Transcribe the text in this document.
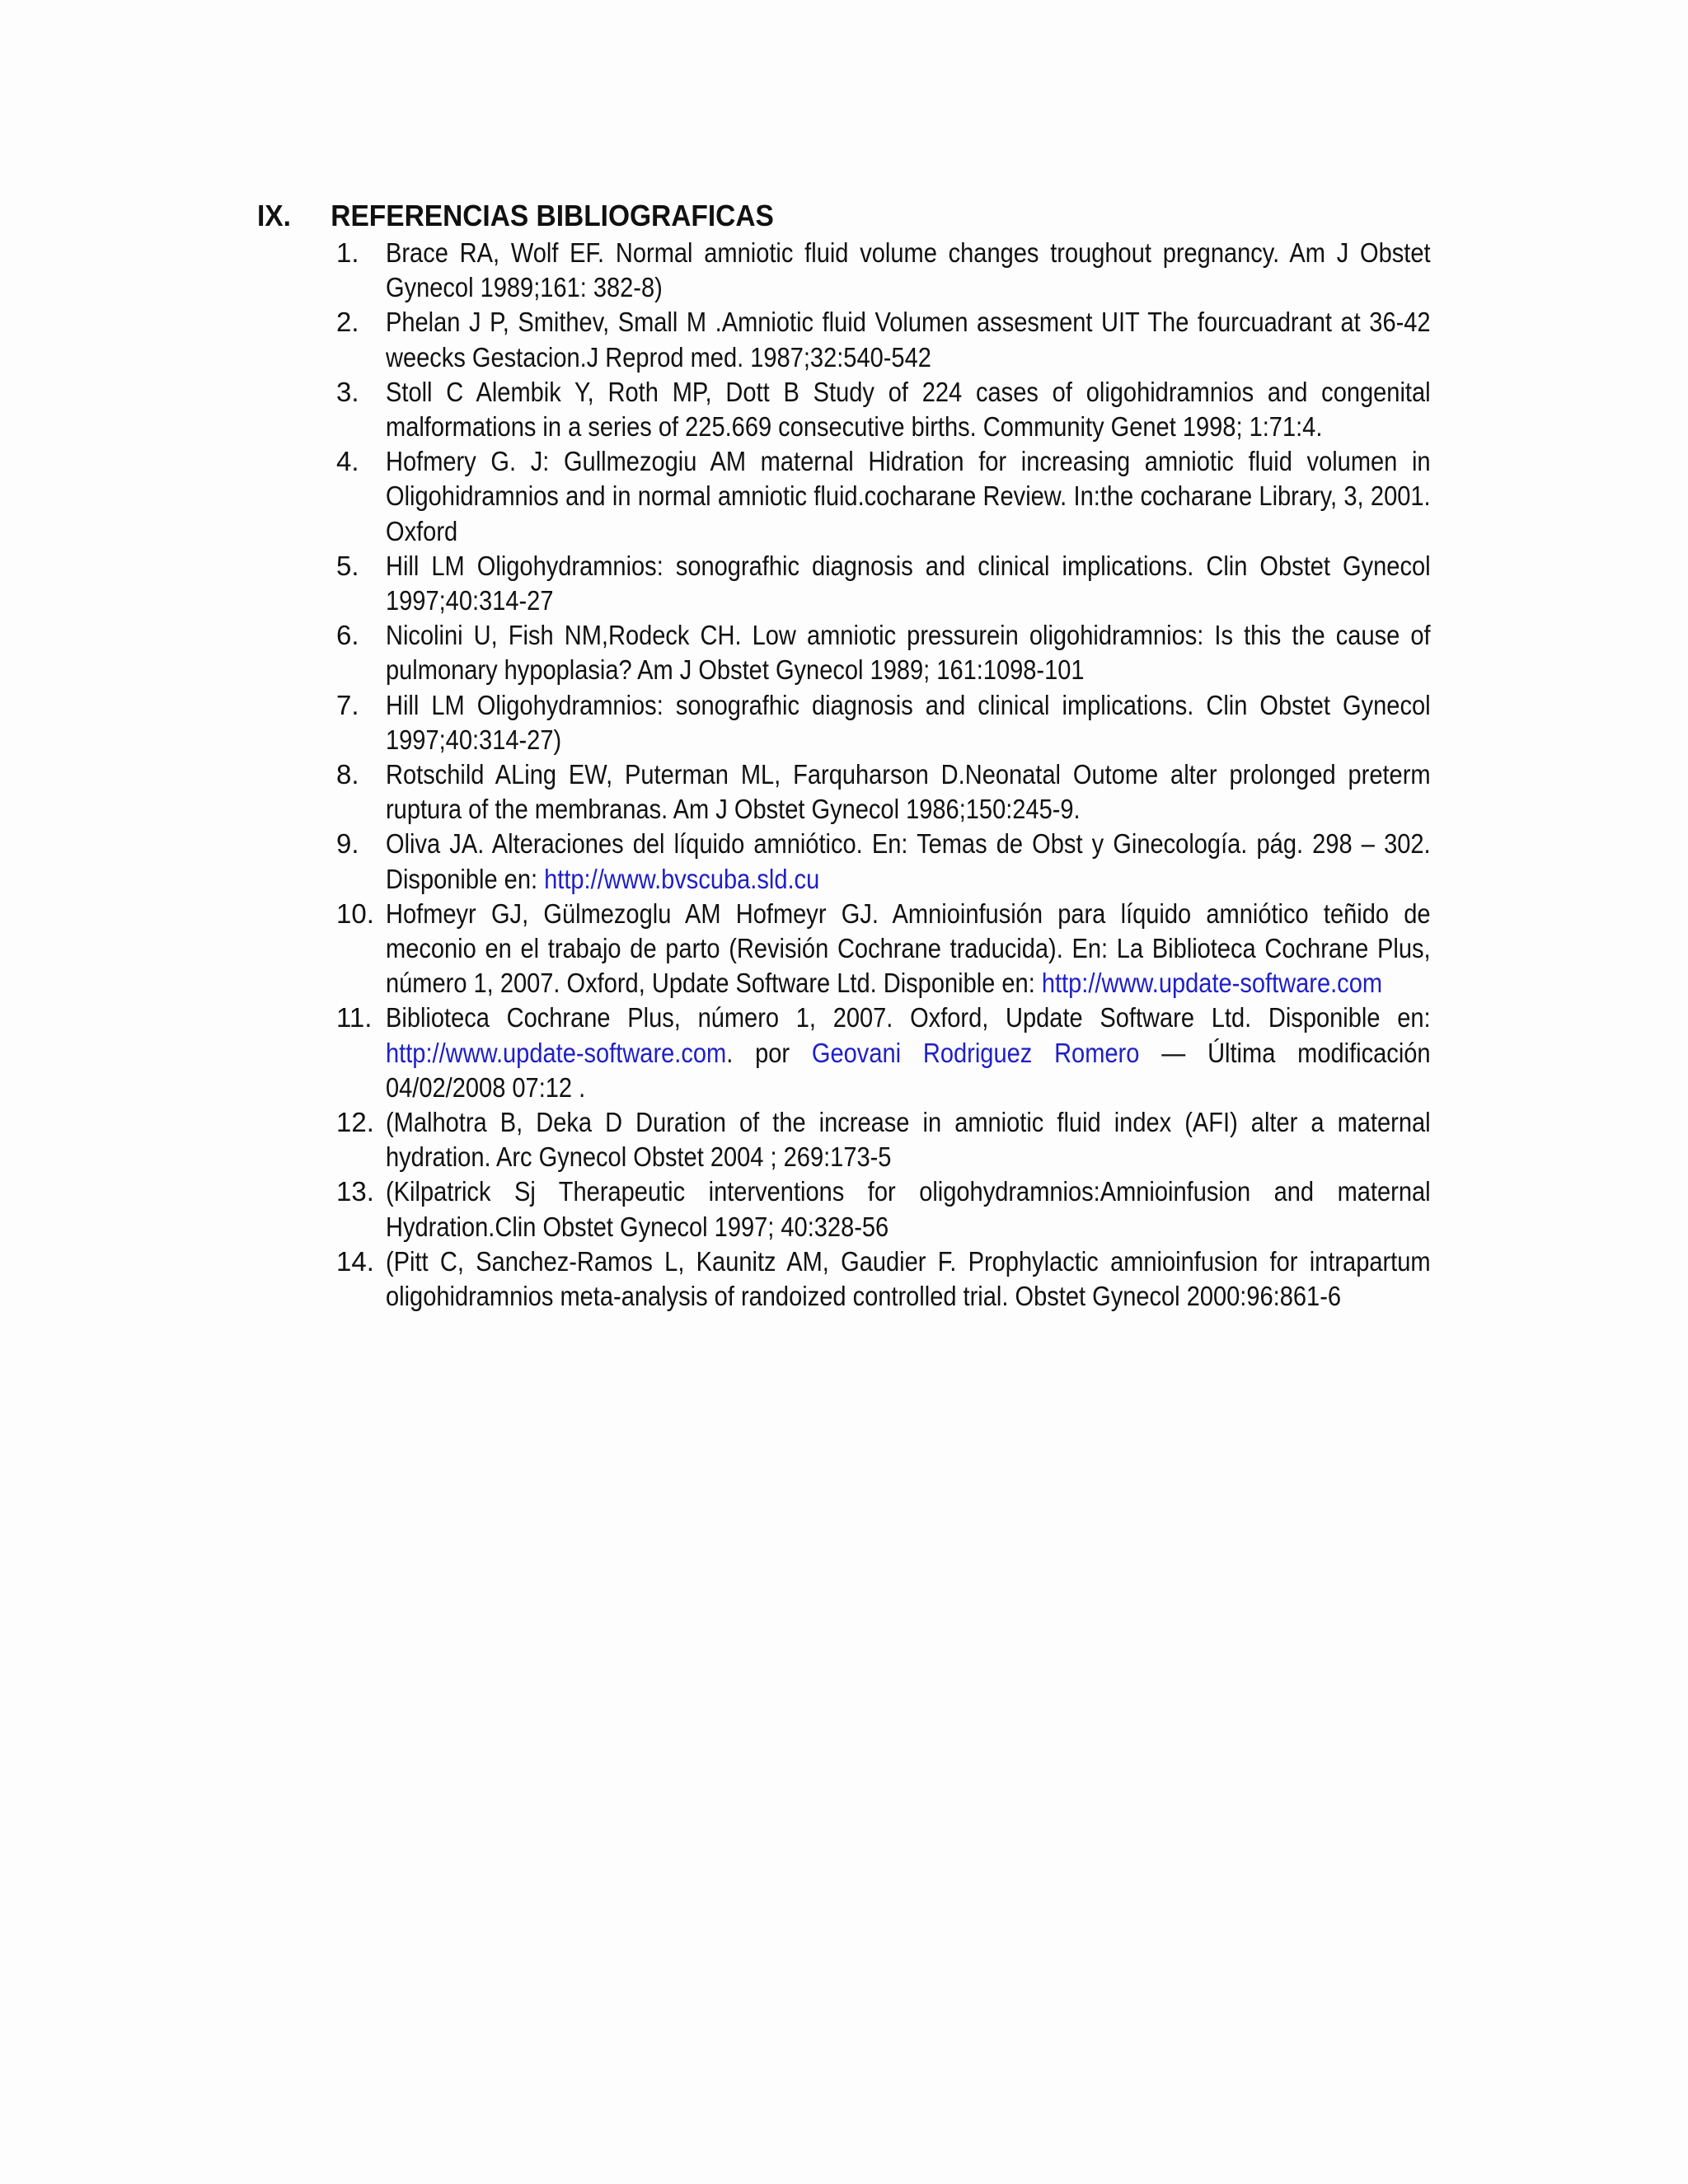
IX. REFERENCIAS BIBLIOGRAFICAS
1. Brace RA, Wolf EF. Normal amniotic fluid volume changes troughout pregnancy. Am J Obstet Gynecol 1989;161: 382-8)
2. Phelan J P, Smithev, Small M .Amniotic fluid Volumen assesment UIT The fourcuadrant at 36-42 weecks Gestacion.J Reprod med. 1987;32:540-542
3. Stoll C Alembik Y, Roth MP, Dott B Study of 224 cases of oligohidramnios and congenital malformations in a series of 225.669 consecutive births. Community Genet 1998; 1:71:4.
4. Hofmery G. J: Gullmezogiu AM maternal Hidration for increasing amniotic fluid volumen in Oligohidramnios and in normal amniotic fluid.cocharane Review. In:the cocharane Library, 3, 2001. Oxford
5. Hill LM Oligohydramnios: sonografhic diagnosis and clinical implications. Clin Obstet Gynecol 1997;40:314-27
6. Nicolini U, Fish NM,Rodeck CH. Low amniotic pressurein oligohidramnios: Is this the cause of pulmonary hypoplasia? Am J Obstet Gynecol 1989; 161:1098-101
7. Hill LM Oligohydramnios: sonografhic diagnosis and clinical implications. Clin Obstet Gynecol 1997;40:314-27)
8. Rotschild ALing EW, Puterman ML, Farquharson D.Neonatal Outome alter prolonged preterm ruptura of the membranas. Am J Obstet Gynecol 1986;150:245-9.
9. Oliva JA. Alteraciones del líquido amniótico. En: Temas de Obst y Ginecología. pág. 298 – 302. Disponible en: http://www.bvscuba.sld.cu
10. Hofmeyr GJ, Gülmezoglu AM Hofmeyr GJ. Amnioinfusión para líquido amniótico teñido de meconio en el trabajo de parto (Revisión Cochrane traducida). En: La Biblioteca Cochrane Plus, número 1, 2007. Oxford, Update Software Ltd. Disponible en: http://www.update-software.com
11. Biblioteca Cochrane Plus, número 1, 2007. Oxford, Update Software Ltd. Disponible en: http://www.update-software.com. por Geovani Rodriguez Romero — Última modificación 04/02/2008 07:12 .
12. (Malhotra B, Deka D Duration of the increase in amniotic fluid index (AFI) alter a maternal hydration. Arc Gynecol Obstet 2004 ; 269:173-5
13. (Kilpatrick Sj Therapeutic interventions for oligohydramnios:Amnioinfusion and maternal Hydration.Clin Obstet Gynecol 1997; 40:328-56
14. (Pitt C, Sanchez-Ramos L, Kaunitz AM, Gaudier F. Prophylactic amnioinfusion for intrapartum oligohidramnios meta-analysis of randoized controlled trial. Obstet Gynecol 2000:96:861-6
